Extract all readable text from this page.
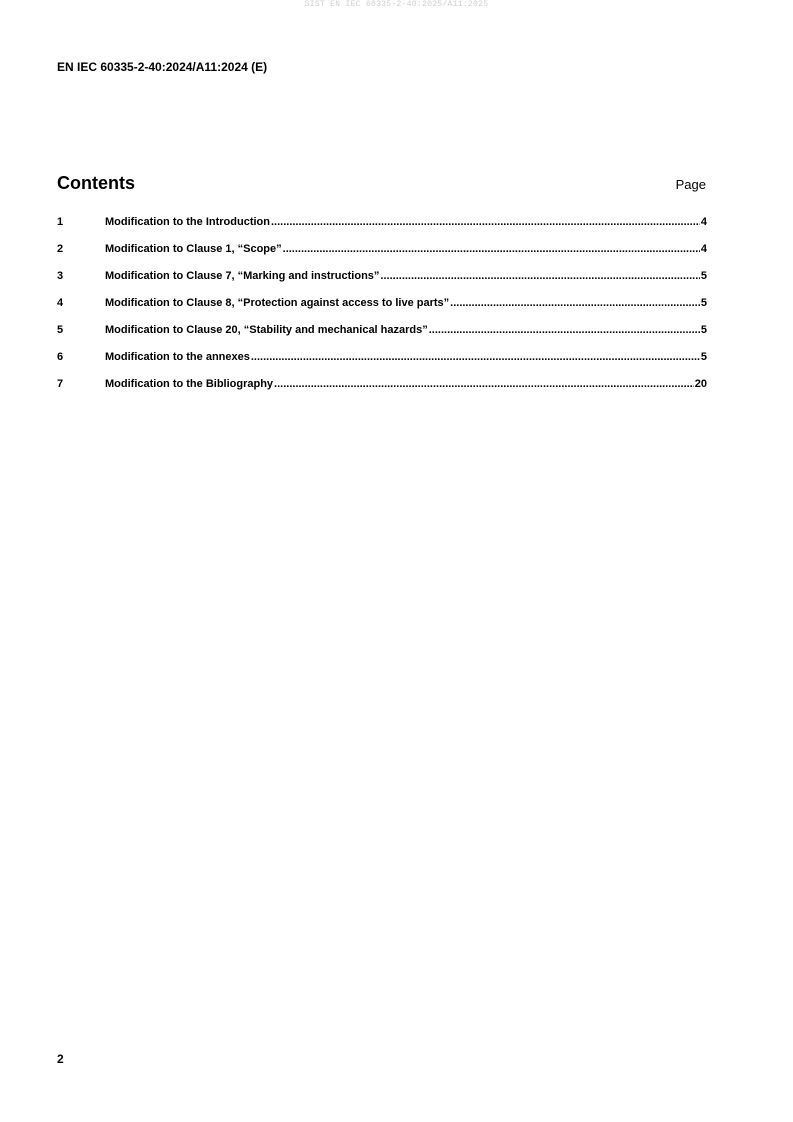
SIST EN IEC 60335-2-40:2025/A11:2025
EN IEC 60335-2-40:2024/A11:2024 (E)
Contents	Page
1	Modification to the Introduction .....	4
2	Modification to Clause 1, “Scope” .....	4
3	Modification to Clause 7, “Marking and instructions” .....	5
4	Modification to Clause 8, “Protection against access to live parts” .....	5
5	Modification to Clause 20, “Stability and mechanical hazards” .....	5
6	Modification to the annexes .....	5
7	Modification to the Bibliography .....	20
2
